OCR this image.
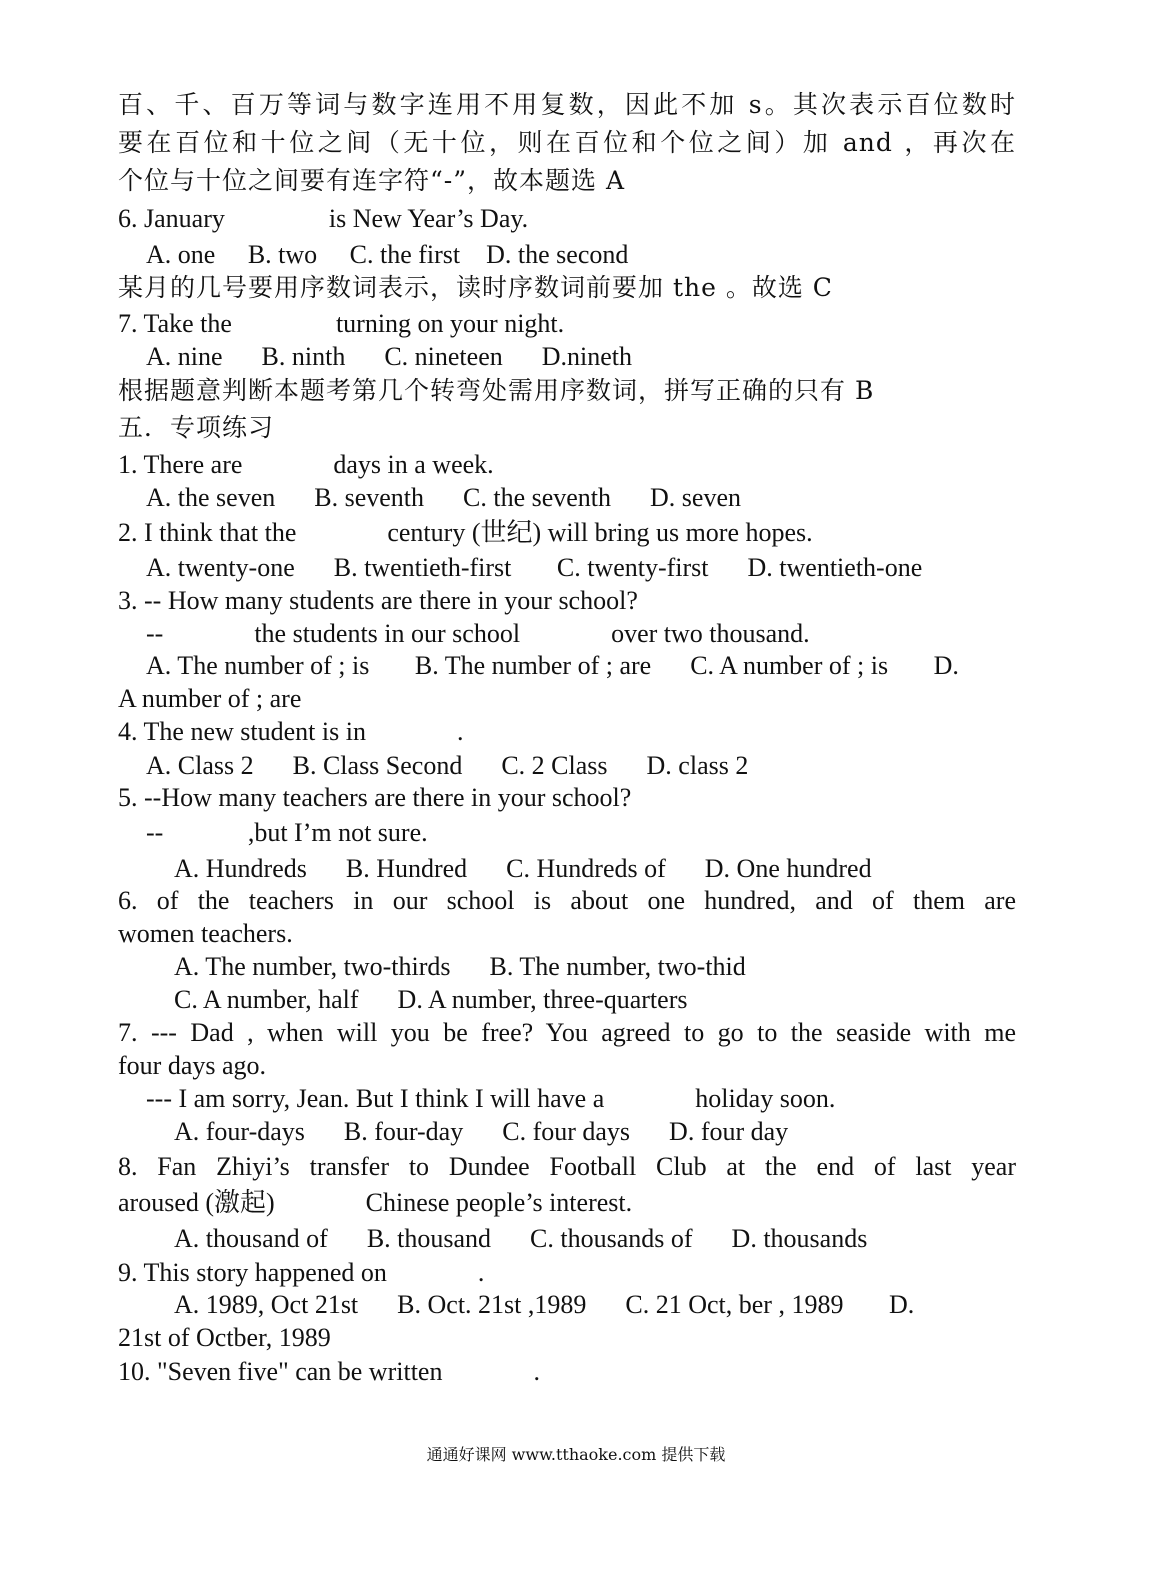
百、千、百万等词与数字连用不用复数，因此不加 s。其次表示百位数时
要在百位和十位之间（无十位，则在百位和个位之间）加 and ，再次在
个位与十位之间要有连字符“-”，故本题选 A
6. January                is New Year’s Day.
A. one     B. two     C. the first    D. the second
某月的几号要用序数词表示，读时序数词前要加 the 。故选 C
7. Take the                turning on your night.
A. nine      B. ninth      C. nineteen      D.nineth
根据题意判断本题考第几个转弯处需用序数词，拼写正确的只有 B
五．专项练习
1. There are              days in a week.
A. the seven      B. seventh      C. the seventh      D. seven
2. I think that the              century (世纪) will bring us more hopes.
A. twenty-one      B. twentieth-first       C. twenty-first      D. twentieth-one
3. -- How many students are there in your school?
--              the students in our school              over two thousand.
A. The number of ; is       B. The number of ; are      C. A number of ; is       D.
A number of ; are
4. The new student is in              .
A. Class 2      B. Class Second      C. 2 Class      D. class 2
5. --How many teachers are there in your school?
--             ,but I’m not sure.
A. Hundreds      B. Hundred      C. Hundreds of      D. One hundred
6. of the teachers in our school is about one hundred, and of them are
women teachers.
A. The number, two-thirds      B. The number, two-thid
C. A number, half      D. A number, three-quarters
7. --- Dad , when will you be free? You agreed to go to the seaside with me
four days ago.
--- I am sorry, Jean. But I think I will have a              holiday soon.
A. four-days      B. four-day      C. four days      D. four day
8. Fan Zhiyi’s transfer to Dundee Football Club at the end of last year
aroused (激起)              Chinese people’s interest.
A. thousand of      B. thousand      C. thousands of      D. thousands
9. This story happened on              .
A. 1989, Oct 21st      B. Oct. 21st ,1989      C. 21 Oct, ber , 1989       D.
21st of Octber, 1989
10. "Seven five" can be written              .
通通好课网 www.tthaoke.com 提供下载
